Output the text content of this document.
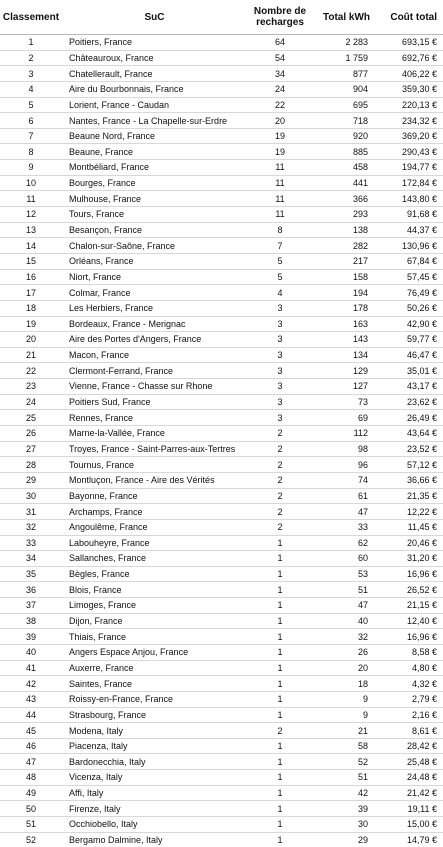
Classement	SuC	Nombre de recharges	Total kWh	Coût total
1	Poitiers, France	64	2 283	693,15 €
2	Châteauroux, France	54	1 759	692,76 €
3	Chatellerault, France	34	877	406,22 €
4	Aire du Bourbonnais, France	24	904	359,30 €
5	Lorient, France - Caudan	22	695	220,13 €
6	Nantes, France - La Chapelle-sur-Erdre	20	718	234,32 €
7	Beaune Nord, France	19	920	369,20 €
8	Beaune, France	19	885	290,43 €
9	Montbéliard, France	11	458	194,77 €
10	Bourges, France	11	441	172,84 €
11	Mulhouse, France	11	366	143,80 €
12	Tours, France	11	293	91,68 €
13	Besançon, France	8	138	44,37 €
14	Chalon-sur-Saône, France	7	282	130,96 €
15	Orléans, France	5	217	67,84 €
16	Niort, France	5	158	57,45 €
17	Colmar, France	4	194	76,49 €
18	Les Herbiers, France	3	178	50,26 €
19	Bordeaux, France - Merignac	3	163	42,90 €
20	Aire des Portes d'Angers, France	3	143	59,77 €
21	Macon, France	3	134	46,47 €
22	Clermont-Ferrand, France	3	129	35,01 €
23	Vienne, France - Chasse sur Rhone	3	127	43,17 €
24	Poitiers Sud, France	3	73	23,62 €
25	Rennes, France	3	69	26,49 €
26	Marne-la-Vallée, France	2	112	43,64 €
27	Troyes, France - Saint-Parres-aux-Tertres	2	98	23,52 €
28	Tournus, France	2	96	57,12 €
29	Montluçon, France - Aire des Vérités	2	74	36,66 €
30	Bayonne, France	2	61	21,35 €
31	Archamps, France	2	47	12,22 €
32	Angoulême, France	2	33	11,45 €
33	Labouheyre, France	1	62	20,46 €
34	Sallanches, France	1	60	31,20 €
35	Bègles, France	1	53	16,96 €
36	Blois, France	1	51	26,52 €
37	Limoges, France	1	47	21,15 €
38	Dijon, France	1	40	12,40 €
39	Thiais, France	1	32	16,96 €
40	Angers Espace Anjou, France	1	26	8,58 €
41	Auxerre, France	1	20	4,80 €
42	Saintes, France	1	18	4,32 €
43	Roissy-en-France, France	1	9	2,79 €
44	Strasbourg, France	1	9	2,16 €
45	Modena, Italy	2	21	8,61 €
46	Piacenza, Italy	1	58	28,42 €
47	Bardonecchia, Italy	1	52	25,48 €
48	Vicenza, Italy	1	51	24,48 €
49	Affi, Italy	1	42	21,42 €
50	Firenze, Italy	1	39	19,11 €
51	Occhiobello, Italy	1	30	15,00 €
52	Bergamo Dalmine, Italy	1	29	14,79 €
